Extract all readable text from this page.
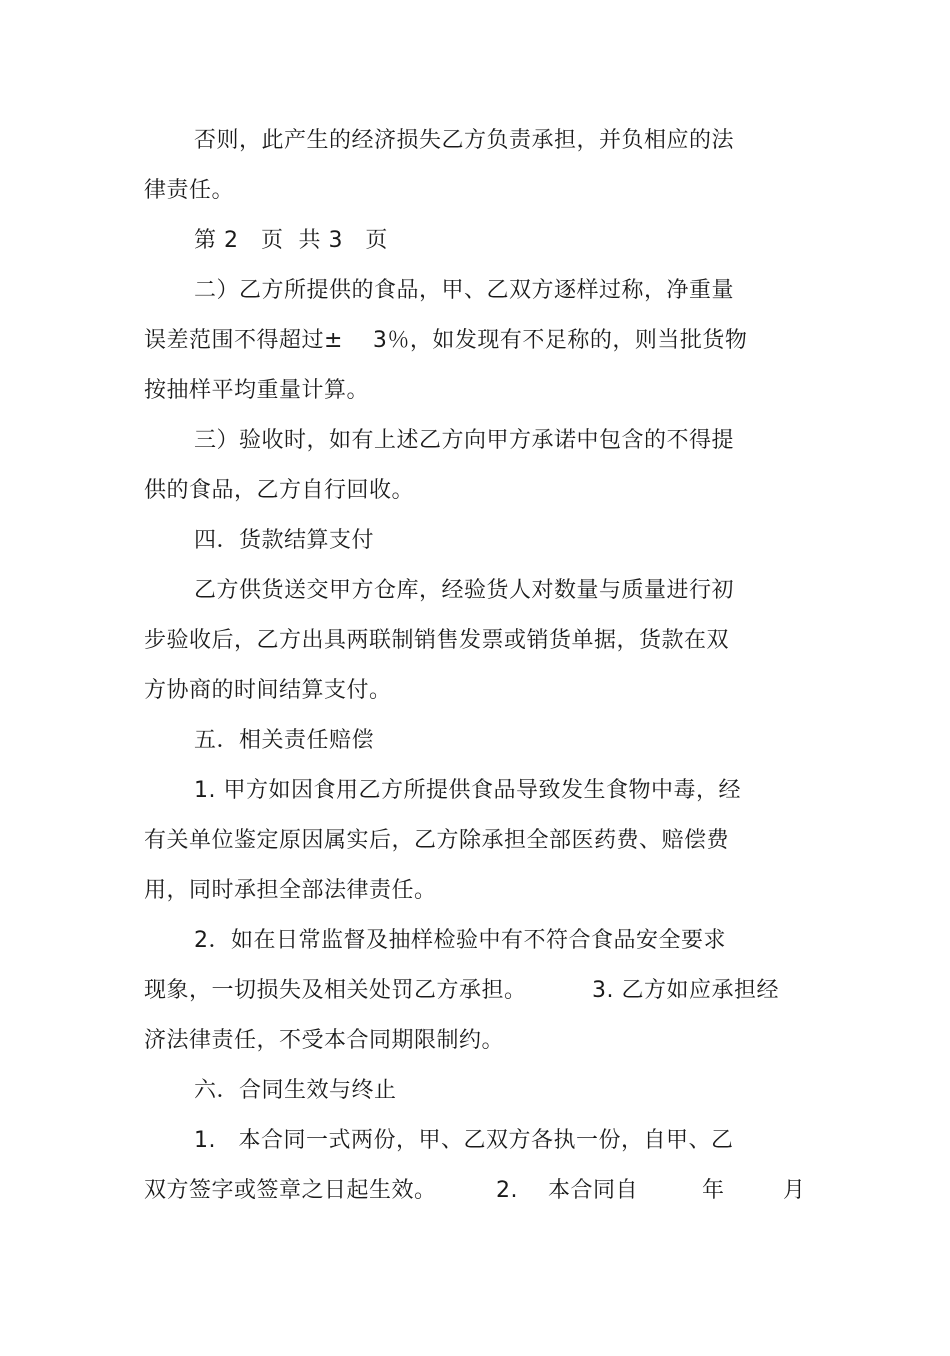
否则，此产生的经济损失乙方负责承担，并负相应的法
律责任。
第 2   页  共 3   页
二）乙方所提供的食品，甲、乙双方逐样过称，净重量
误差范围不得超过±    3％，如发现有不足称的，则当批货物
按抽样平均重量计算。
三）验收时，如有上述乙方向甲方承诺中包含的不得提
供的食品，乙方自行回收。
四．货款结算支付
乙方供货送交甲方仓库，经验货人对数量与质量进行初
步验收后，乙方出具两联制销售发票或销货单据，货款在双
方协商的时间结算支付。
五．相关责任赔偿
1. 甲方如因食用乙方所提供食品导致发生食物中毒，经
有关单位鉴定原因属实后，乙方除承担全部医药费、赔偿费
用，同时承担全部法律责任。
2．如在日常监督及抽样检验中有不符合食品安全要求

现象，一切损失及相关处罚乙方承担。

	3. 乙方如应承担经

济法律责任，不受本合同期限制约。
六．合同生效与终止
1.   本合同一式两份，甲、乙双方各执一份，自甲、乙

双方签字或签章之日起生效。

	2.    本合同自

	年

	月
